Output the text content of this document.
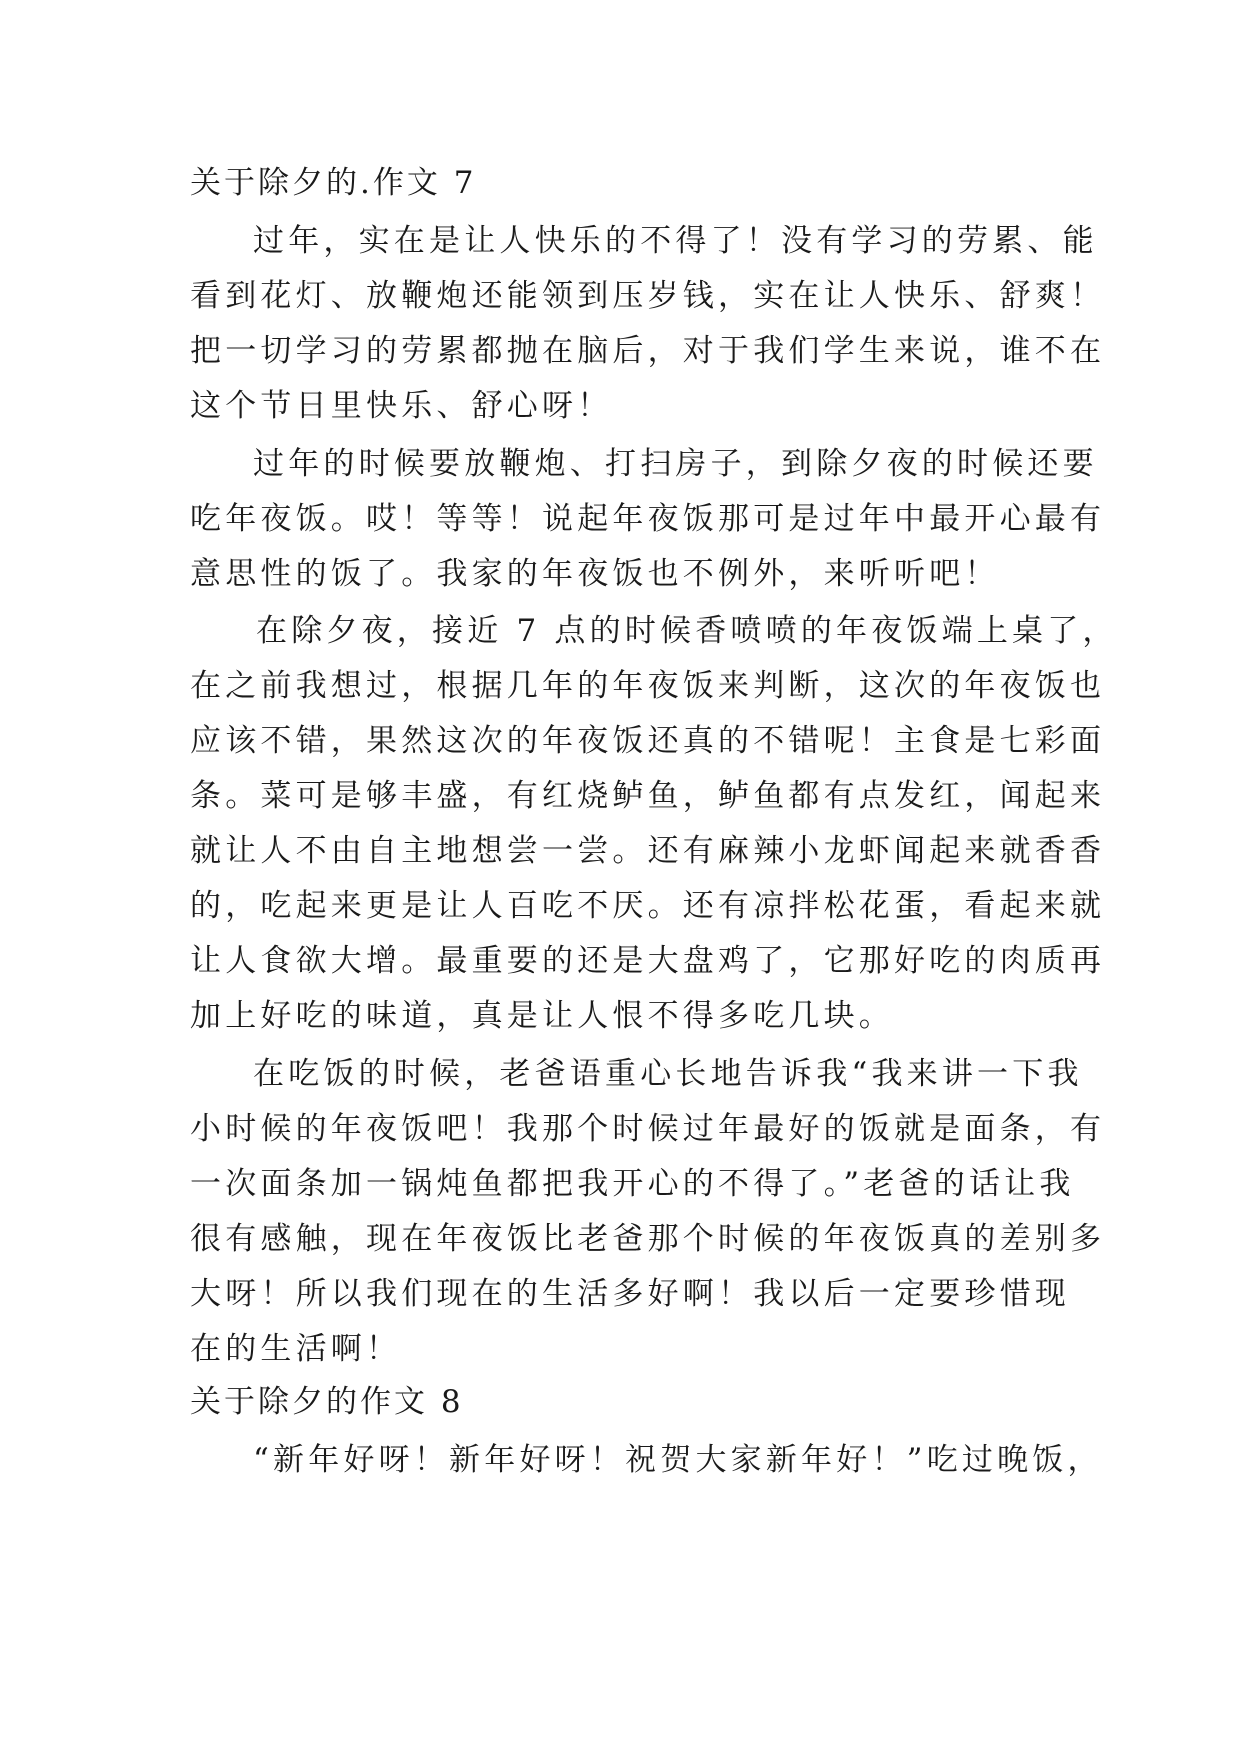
关于除夕的.作文 7
过年，实在是让人快乐的不得了！没有学习的劳累、能
看到花灯、放鞭炮还能领到压岁钱，实在让人快乐、舒爽！
把一切学习的劳累都抛在脑后，对于我们学生来说，谁不在
这个节日里快乐、舒心呀！
过年的时候要放鞭炮、打扫房子，到除夕夜的时候还要
吃年夜饭。哎！等等！说起年夜饭那可是过年中最开心最有
意思性的饭了。我家的年夜饭也不例外，来听听吧！
在除夕夜，接近 7 点的时候香喷喷的年夜饭端上桌了，
在之前我想过，根据几年的年夜饭来判断，这次的年夜饭也
应该不错，果然这次的年夜饭还真的不错呢！主食是七彩面
条。菜可是够丰盛，有红烧鲈鱼，鲈鱼都有点发红，闻起来
就让人不由自主地想尝一尝。还有麻辣小龙虾闻起来就香香
的，吃起来更是让人百吃不厌。还有凉拌松花蛋，看起来就
让人食欲大增。最重要的还是大盘鸡了，它那好吃的肉质再
加上好吃的味道，真是让人恨不得多吃几块。
在吃饭的时候，老爸语重心长地告诉我“我来讲一下我
小时候的年夜饭吧！我那个时候过年最好的饭就是面条，有
一次面条加一锅炖鱼都把我开心的不得了。”老爸的话让我
很有感触，现在年夜饭比老爸那个时候的年夜饭真的差别多
大呀！所以我们现在的生活多好啊！我以后一定要珍惜现
在的生活啊！
关于除夕的作文 8
“新年好呀！新年好呀！祝贺大家新年好！”吃过晚饭，
